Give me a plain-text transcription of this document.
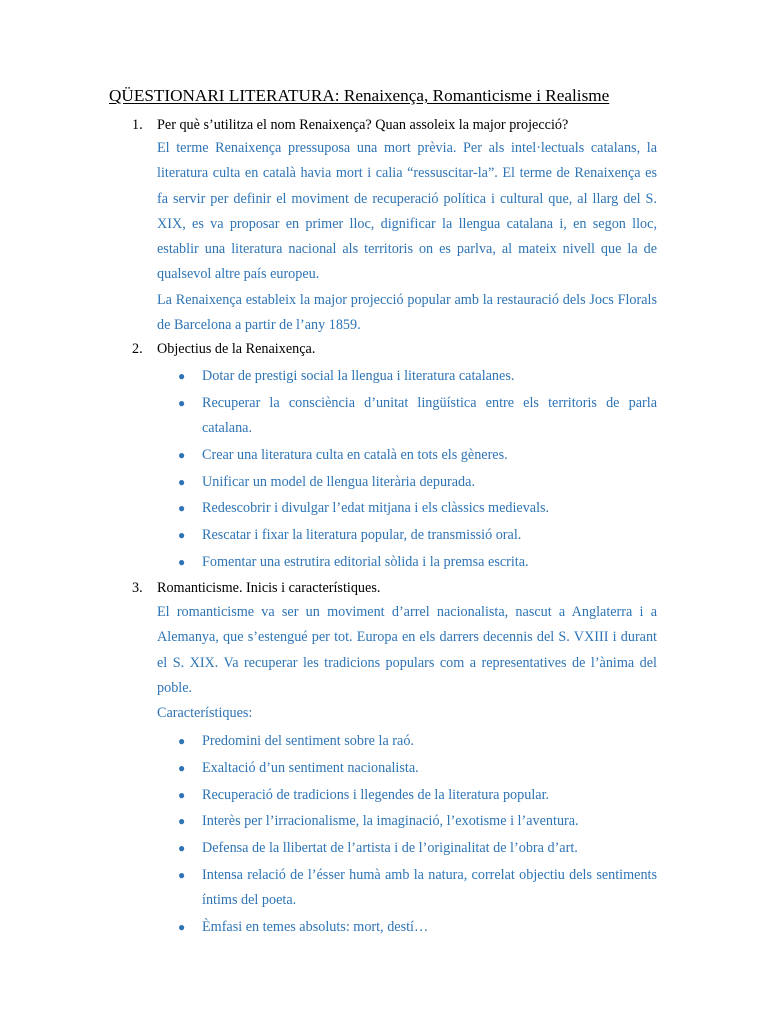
QÜESTIONARI LITERATURA: Renaixença, Romanticisme i Realisme
1. Per què s’utilitza el nom Renaixença? Quan assoleix la major projecció?

El terme Renaixença pressuposa una mort prèvia. Per als intel·lectuals catalans, la literatura culta en català havia mort i calia “ressuscitar-la”. El terme de Renaixença es fa servir per definir el moviment de recuperació política i cultural que, al llarg del S. XIX, es va proposar en primer lloc, dignificar la llengua catalana i, en segon lloc, establir una literatura nacional als territoris on es parlva, al mateix nivell que la de qualsevol altre país europeu.

La Renaixença estableix la major projecció popular amb la restauració dels Jocs Florals de Barcelona a partir de l’any 1859.

2. Objectius de la Renaixença.
● Dotar de prestigi social la llengua i literatura catalanes.
● Recuperar la consciència d’unitat lingüística entre els territoris de parla catalana.
● Crear una literatura culta en català en tots els gèneres.
● Unificar un model de llengua literària depurada.
● Redescobrir i divulgar l’edat mitjana i els clàssics medievals.
● Rescatar i fixar la literatura popular, de transmissió oral.
● Fomentar una estrutira editorial sòlida i la premsa escrita.
3. Romanticisme. Inicis i característiques.

El romanticisme va ser un moviment d’arrel nacionalista, nascut a Anglaterra i a Alemanya, que s’estengué per tot. Europa en els darrers decennis del S. VXIII i durant el S. XIX. Va recuperar les tradicions populars com a representatives de l’ànima del poble.

Característiques:

● Predomini del sentiment sobre la raó.
● Exaltació d’un sentiment nacionalista.
● Recuperació de tradicions i llegendes de la literatura popular.
● Interès per l’irracionalisme, la imaginació, l’exotisme i l’aventura.
● Defensa de la llibertat de l’artista i de l’originalitat de l’obra d’art.
● Intensa relació de l’ésser humà amb la natura, correlat objectiu dels sentiments íntims del poeta.
● Èmfasi en temes absoluts: mort, destí…
